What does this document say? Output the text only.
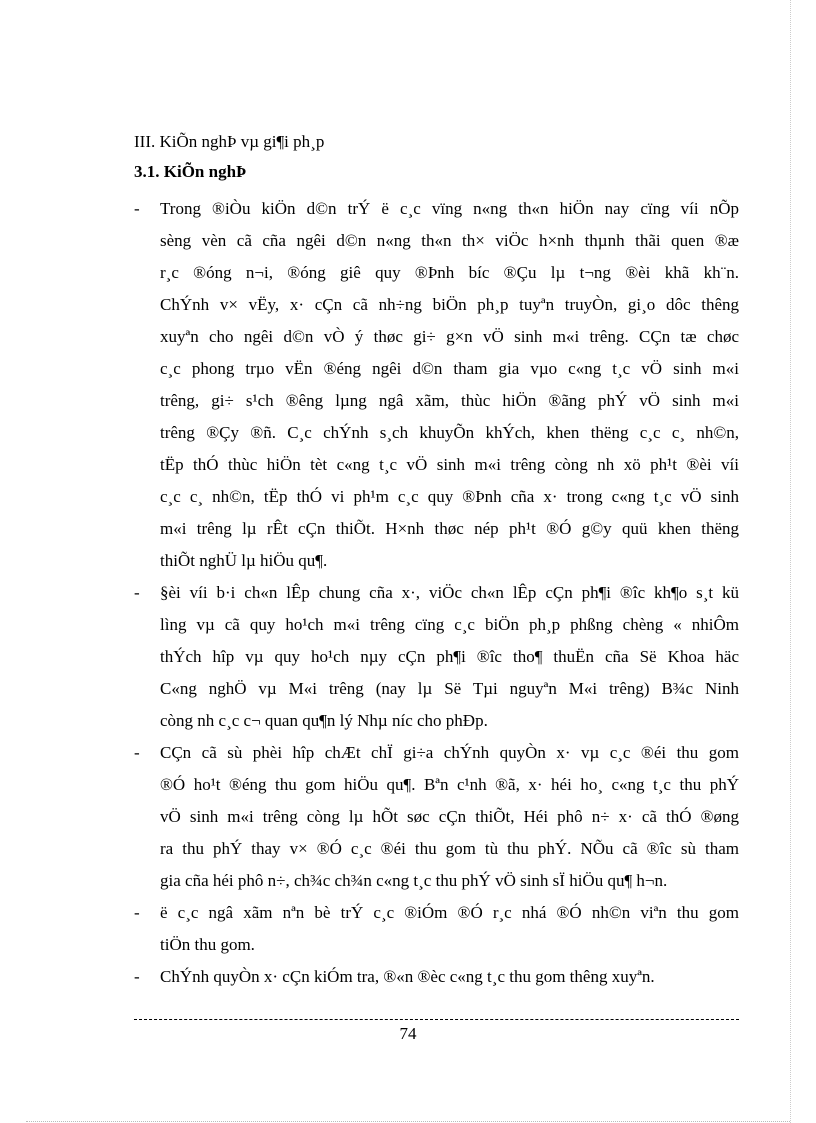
III. KiÕn nghÞ vµ gi¶i ph¸p
3.1. KiÕn nghÞ
- Trong ®iÒu kiÖn d©n trÝ ë c¸c vïng n«ng th«n hiÖn nay cïng víi nÕp
sèng vèn cã cña ngêi d©n n«ng th«n th× viÖc h×nh thµnh thãi quen ®æ
r¸c ®óng n¬i, ®óng giê quy ®Þnh bíc ®Çu lµ t¬ng ®èi khã kh¨n.
ChÝnh v× vËy, x· cÇn cã nh÷ng biÖn ph¸p tuyªn truyÒn, gi¸o dôc thêng
xuyªn cho ngêi d©n vÒ ý thøc gi÷ g×n vÖ sinh m«i trêng. CÇn tæ chøc
c¸c phong trµo vËn ®éng ngêi d©n tham gia vµo c«ng t¸c vÖ sinh m«i
trêng, gi÷ s¹ch ®êng lµng ngâ xãm, thùc hiÖn ®ãng phÝ vÖ sinh m«i
trêng ®Çy ®ñ. C¸c chÝnh s¸ch khuyÕn khÝch, khen thëng c¸c c¸ nh©n,
tËp thÓ thùc hiÖn tèt c«ng t¸c vÖ sinh m«i trêng còng nh xö ph¹t ®èi víi
c¸c c¸ nh©n, tËp thÓ vi ph¹m c¸c quy ®Þnh cña x· trong c«ng t¸c vÖ sinh
m«i trêng lµ rÊt cÇn thiÕt. H×nh thøc nép ph¹t ®Ó g©y quü khen thëng
thiÕt nghÜ lµ hiÖu qu¶.
- §èi víi b·i ch«n lÊp chung cña x·, viÖc ch«n lÊp cÇn ph¶i ®îc kh¶o s¸t kü
lìng vµ cã quy ho¹ch m«i trêng cïng c¸c biÖn ph¸p phßng chèng « nhiÔm
thÝch hîp vµ quy ho¹ch nµy cÇn ph¶i ®îc tho¶ thuËn cña Së Khoa häc
C«ng nghÖ vµ M«i trêng (nay lµ Së Tµi nguyªn M«i trêng) B¾c Ninh
còng nh c¸c c¬ quan qu¶n lý Nhµ níc cho phÐp.
- CÇn cã sù phèi hîp chÆt chÏ gi÷a chÝnh quyÒn x· vµ c¸c ®éi thu gom
®Ó ho¹t ®éng thu gom hiÖu qu¶. Bªn c¹nh ®ã, x· héi ho¸ c«ng t¸c thu phÝ
vÖ sinh m«i trêng còng lµ hÕt søc cÇn thiÕt, Héi phô n÷ x· cã thÓ ®øng
ra thu phÝ thay v× ®Ó c¸c ®éi thu gom tù thu phÝ. NÕu cã ®îc sù tham
gia cña héi phô n÷, ch¾c ch¾n c«ng t¸c thu phÝ vÖ sinh sÏ hiÖu qu¶ h¬n.
- ë c¸c ngâ xãm nªn bè trÝ c¸c ®iÓm ®Ó r¸c nhá ®Ó nh©n viªn thu gom
tiÖn thu gom.
- ChÝnh quyÒn x· cÇn kiÓm tra, ®«n ®èc c«ng t¸c thu gom thêng xuyªn.
74
